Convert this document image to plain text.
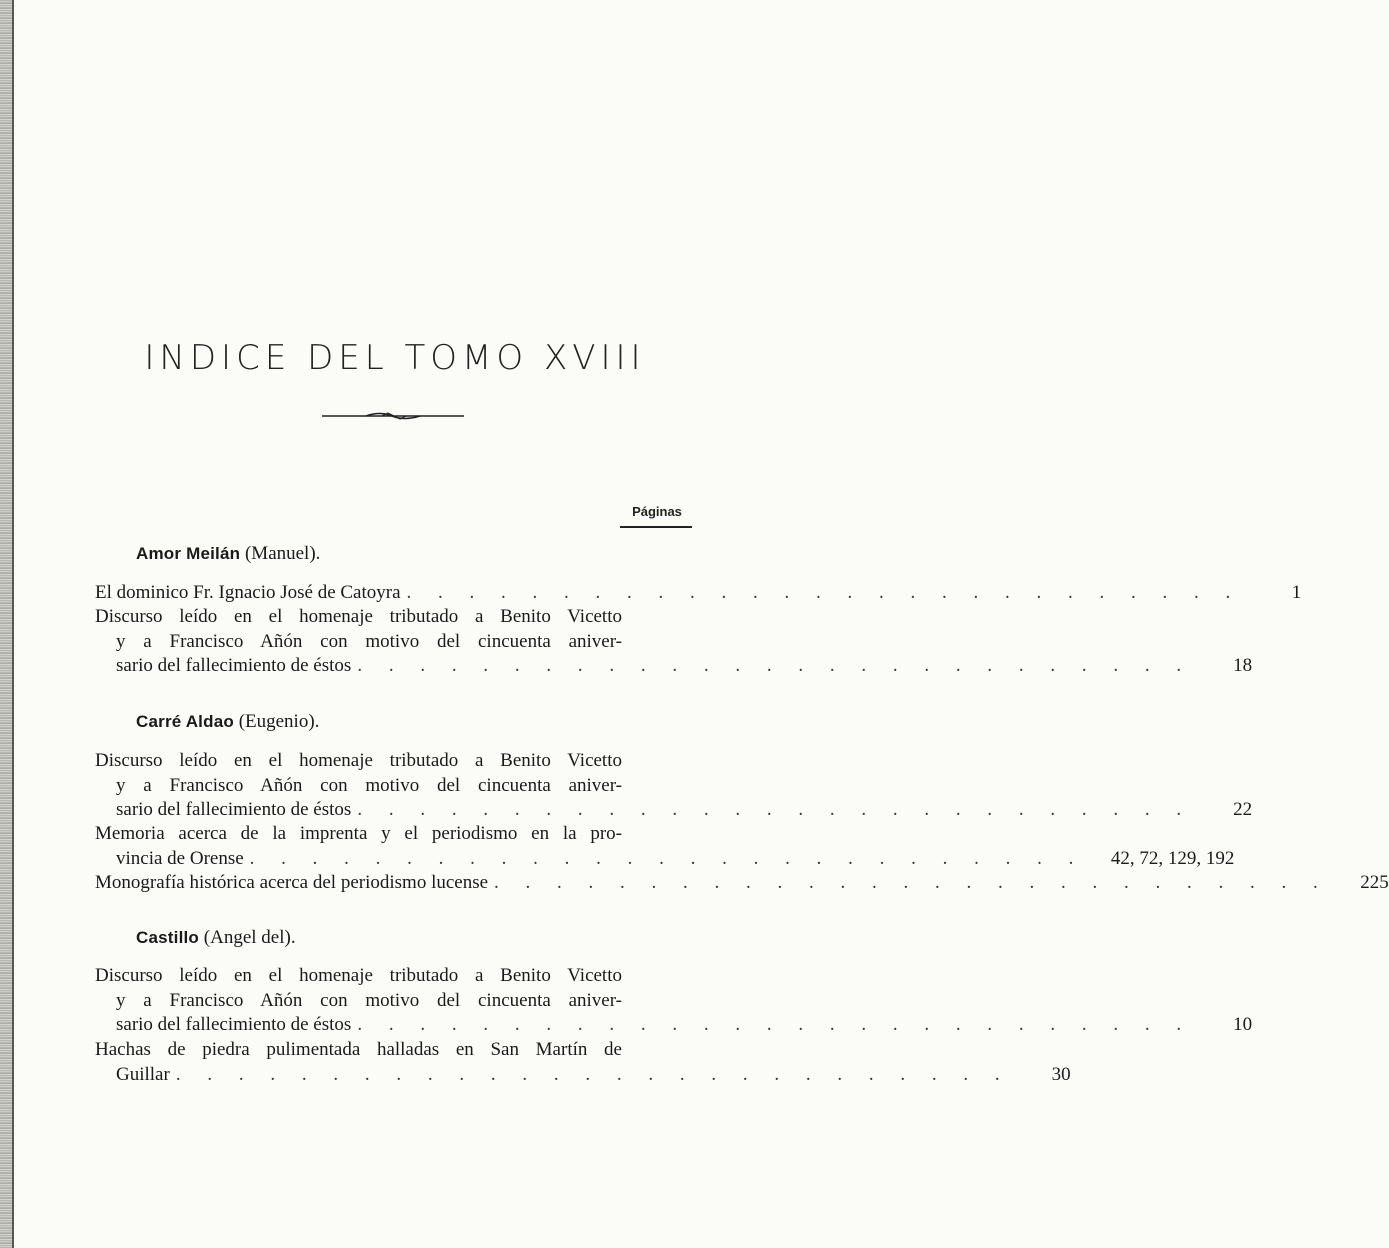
INDICE DEL TOMO XVIII
Páginas
Amor Meilán (Manuel).
El dominico Fr. Ignacio José de Catoyra . . . . . . . . . . . . . . . . . . . . . . . . . . .	1
Discurso leído en el homenaje tributado a Benito Vicetto
y a Francisco Añón con motivo del cincuenta aniver-
sario del fallecimiento de éstos . . . . . . . . . . . . . . . . . . . . . . . . . . .	18
Carré Aldao (Eugenio).
Discurso leído en el homenaje tributado a Benito Vicetto
y a Francisco Añón con motivo del cincuenta aniver-
sario del fallecimiento de éstos . . . . . . . . . . . . . . . . . . . . . . . . . . .	22
Memoria acerca de la imprenta y el periodismo en la pro-
vincia de Orense . . . . . . . . . . . . . . . . . . . . . . . . . . .	42, 72, 129, 192
Monografía histórica acerca del periodismo lucense . . . . . . . . . . . . . . . . . . . . . . . . . . .	225
Castillo (Angel del).
Discurso leído en el homenaje tributado a Benito Vicetto
y a Francisco Añón con motivo del cincuenta aniver-
sario del fallecimiento de éstos . . . . . . . . . . . . . . . . . . . . . . . . . . .	10
Hachas de piedra pulimentada halladas en San Martín de
Guillar . . . . . . . . . . . . . . . . . . . . . . . . . . .	30
